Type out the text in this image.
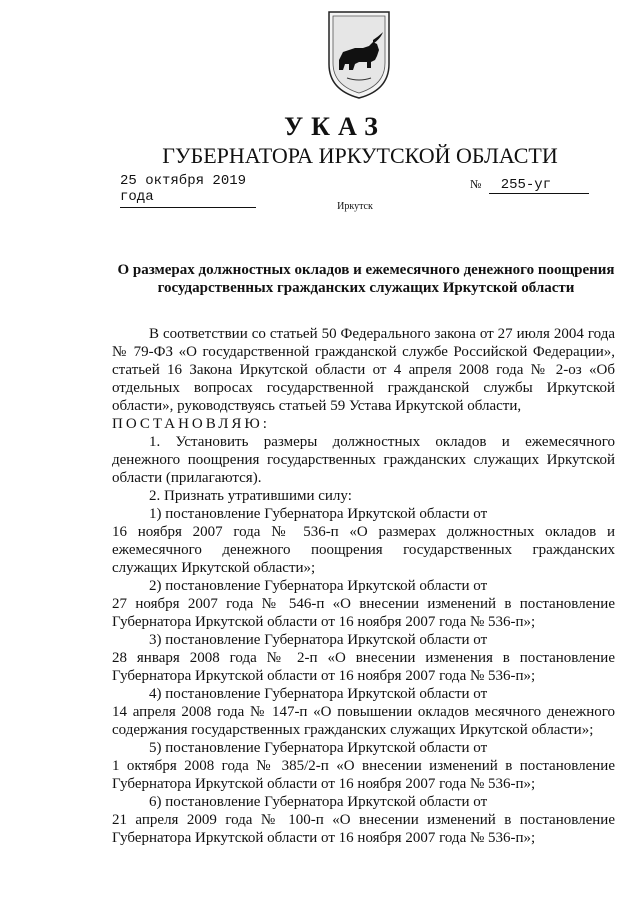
УКАЗ
ГУБЕРНАТОРА ИРКУТСКОЙ ОБЛАСТИ
25 октября 2019 года
№ 255-уг
Иркутск
О размерах должностных окладов и ежемесячного денежного поощрения
государственных гражданских служащих Иркутской области

В соответствии со статьей 50 Федерального закона от 27 июля 2004 года № 79-ФЗ «О государственной гражданской службе Российской Федерации», статьей 16 Закона Иркутской области от 4 апреля 2008 года № 2-оз «Об отдельных вопросах государственной гражданской службы Иркутской области», руководствуясь статьей 59 Устава Иркутской области,

ПОСТАНОВЛЯЮ:

1. Установить размеры должностных окладов и ежемесячного денежного поощрения государственных гражданских служащих Иркутской области (прилагаются).

2. Признать утратившими силу:

1) постановление Губернатора Иркутской области от

16 ноября 2007 года № 536-п «О размерах должностных окладов и ежемесячного денежного поощрения государственных гражданских служащих Иркутской области»;

2) постановление Губернатора Иркутской области от

27 ноября 2007 года № 546-п «О внесении изменений в постановление Губернатора Иркутской области от 16 ноября 2007 года № 536-п»;

3) постановление Губернатора Иркутской области от

28 января 2008 года № 2-п «О внесении изменения в постановление Губернатора Иркутской области от 16 ноября 2007 года № 536-п»;

4) постановление Губернатора Иркутской области от

14 апреля 2008 года № 147-п «О повышении окладов месячного денежного содержания государственных гражданских служащих Иркутской области»;

5) постановление Губернатора Иркутской области от

1 октября 2008 года № 385/2-п «О внесении изменений в постановление Губернатора Иркутской области от 16 ноября 2007 года № 536-п»;

6) постановление Губернатора Иркутской области от

21 апреля 2009 года № 100-п «О внесении изменений в постановление Губернатора Иркутской области от 16 ноября 2007 года № 536-п»;
